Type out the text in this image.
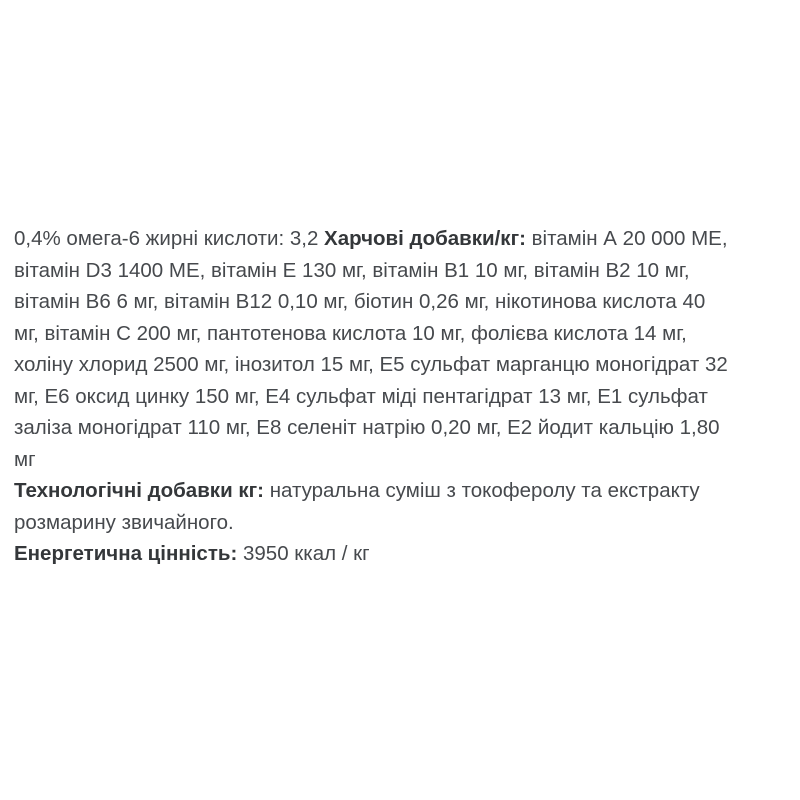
0,4% омега-6 жирні кислоти: 3,2 Харчові добавки/кг: вітамін А 20 000 МЕ,
вітамін D3 1400 МЕ, вітамін Е 130 мг, вітамін В1 10 мг, вітамін В2 10 мг,
вітамін В6 6 мг, вітамін В12 0,10 мг, біотин 0,26 мг, нікотинова кислота 40
мг, вітамін С 200 мг, пантотенова кислота 10 мг, фолієва кислота 14 мг,
холіну хлорид 2500 мг, інозитол 15 мг, Е5 сульфат марганцю моногідрат 32
мг, Е6 оксид цинку 150 мг, Е4 сульфат міді пентагідрат 13 мг, Е1 сульфат
заліза моногідрат 110 мг, Е8 селеніт натрію 0,20 мг, Е2 йодит кальцію 1,80
мг
Технологічні добавки кг: натуральна суміш з токоферолу та екстракту
розмарину звичайного.
Енергетична цінність: 3950 ккал / кг
